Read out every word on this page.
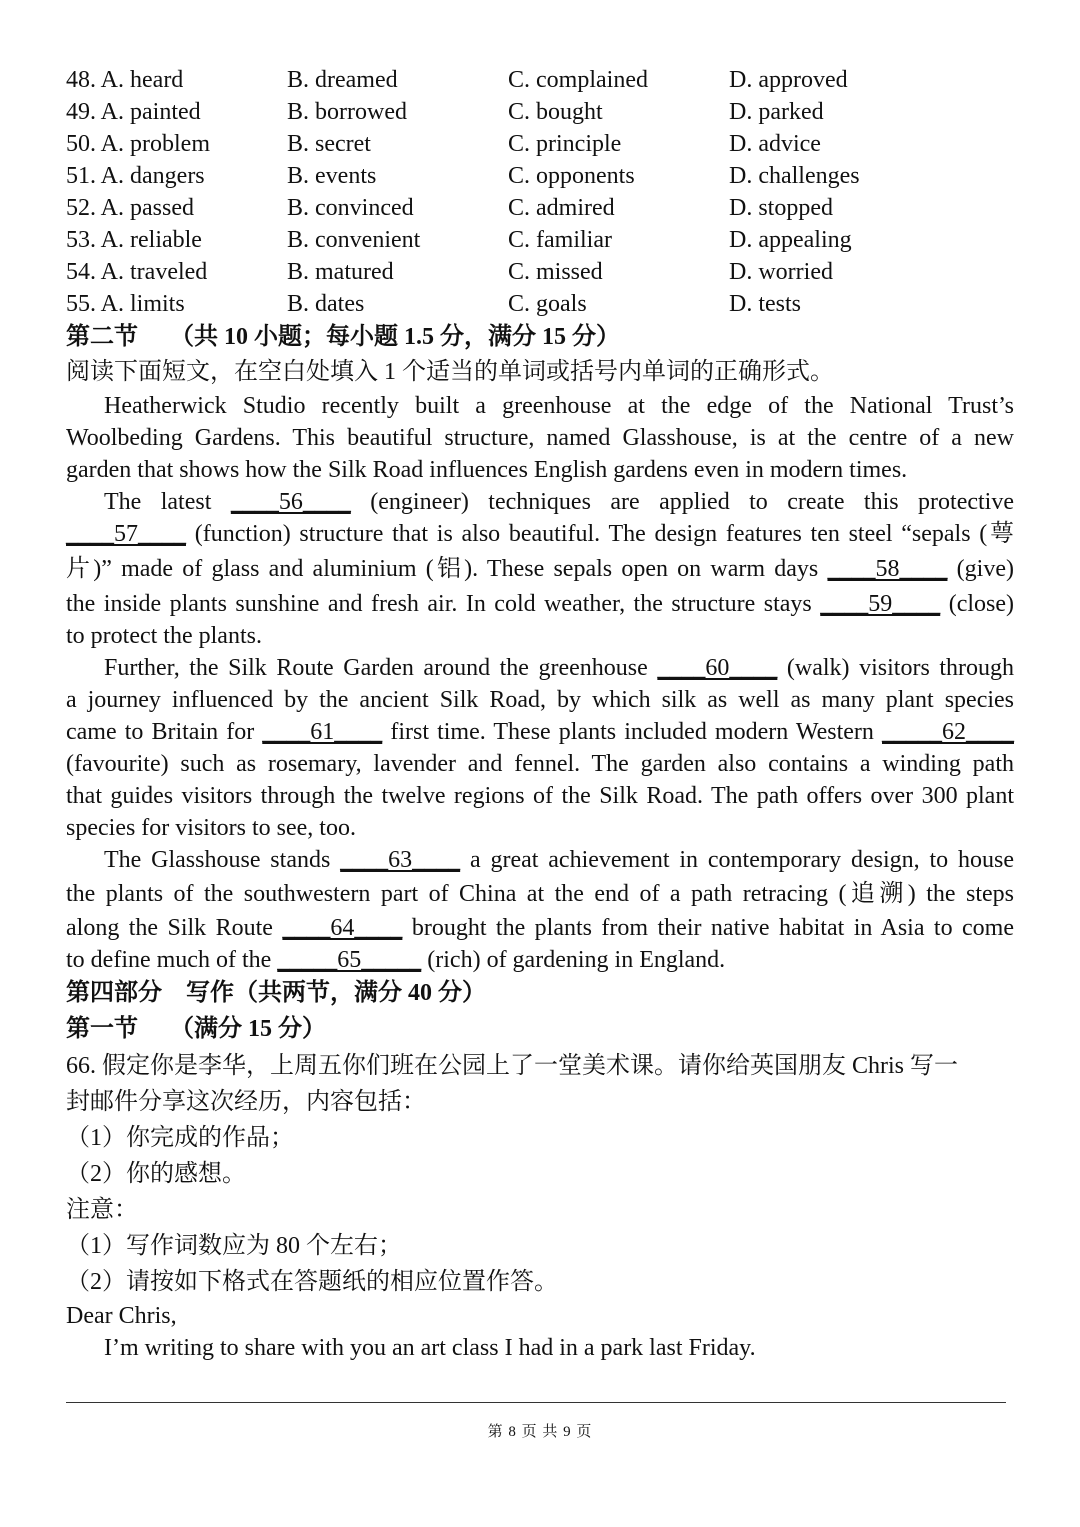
48. A. heard	B. dreamed	C. complained	D. approved
49. A. painted	B. borrowed	C. bought	D. parked
50. A. problem	B. secret	C. principle	D. advice
51. A. dangers	B. events	C. opponents	D. challenges
52. A. passed	B. convinced	C. admired	D. stopped
53. A. reliable	B. convenient	C. familiar	D. appealing
54. A. traveled	B. matured	C. missed	D. worried
55. A. limits	B. dates	C. goals	D. tests
第二节 （共 10 小题；每小题 1.5 分，满分 15 分）
阅读下面短文，在空白处填入 1 个适当的单词或括号内单词的正确形式。
Heatherwick Studio recently built a greenhouse at the edge of the National Trust’s
Woolbeding Gardens. This beautiful structure, named Glasshouse, is at the centre of a new
garden that shows how the Silk Road influences English gardens even in modern times.
The latest ____56____ (engineer) techniques are applied to create this protective
____57____ (function) structure that is also beautiful. The design features ten steel “sepals (萼
片)” made of glass and aluminium (铝). These sepals open on warm days ____58____ (give)
the inside plants sunshine and fresh air. In cold weather, the structure stays ____59____ (close)
to protect the plants.
Further, the Silk Route Garden around the greenhouse ____60____ (walk) visitors through
a journey influenced by the ancient Silk Road, by which silk as well as many plant species
came to Britain for ____61____ first time. These plants included modern Western _____62____
(favourite) such as rosemary, lavender and fennel. The garden also contains a winding path
that guides visitors through the twelve regions of the Silk Road. The path offers over 300 plant
species for visitors to see, too.
The Glasshouse stands ____63____ a great achievement in contemporary design, to house
the plants of the southwestern part of China at the end of a path retracing (追溯) the steps
along the Silk Route ____64____ brought the plants from their native habitat in Asia to come
to define much of the _____65_____ (rich) of gardening in England.
第四部分 写作（共两节，满分 40 分）
第一节 （满分 15 分）
66. 假定你是李华，上周五你们班在公园上了一堂美术课。请你给英国朋友 Chris 写一
封邮件分享这次经历，内容包括：
（1）你完成的作品；
（2）你的感想。
注意：
（1）写作词数应为 80 个左右；
（2）请按如下格式在答题纸的相应位置作答。
Dear Chris,
I’m writing to share with you an art class I had in a park last Friday.
第 8 页 共 9 页
